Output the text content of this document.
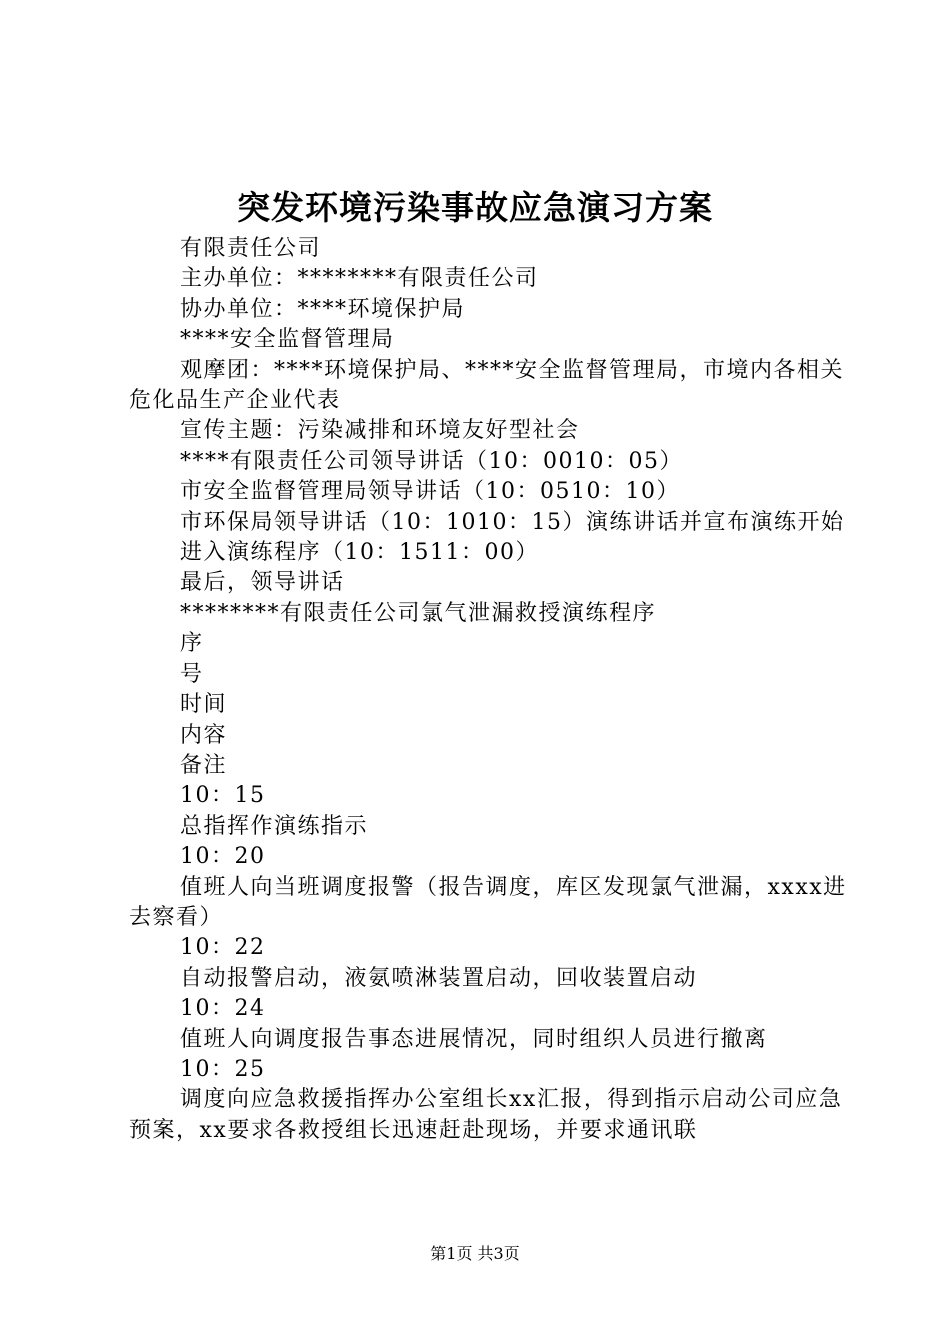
突发环境污染事故应急演习方案

有限责任公司

主办单位：********有限责任公司

协办单位：****环境保护局

****安全监督管理局

观摩团：****环境保护局、****安全监督管理局，市境内各相关危化品生产企业代表

宣传主题：污染减排和环境友好型社会

****有限责任公司领导讲话（10：0010：05）

市安全监督管理局领导讲话（10：0510：10）

市环保局领导讲话（10：1010：15）演练讲话并宣布演练开始

进入演练程序（10：1511：00）

最后，领导讲话

********有限责任公司氯气泄漏救授演练程序

序

号

时间

内容

备注

10：15

总指挥作演练指示

10：20

值班人向当班调度报警（报告调度，库区发现氯气泄漏，xxxx进去察看）

10：22

自动报警启动，液氨喷淋装置启动，回收装置启动

10：24

值班人向调度报告事态进展情况，同时组织人员进行撤离

10：25

调度向应急救援指挥办公室组长xx汇报，得到指示启动公司应急预案，xx要求各救授组长迅速赶赴现场，并要求通讯联

第1页 共3页
